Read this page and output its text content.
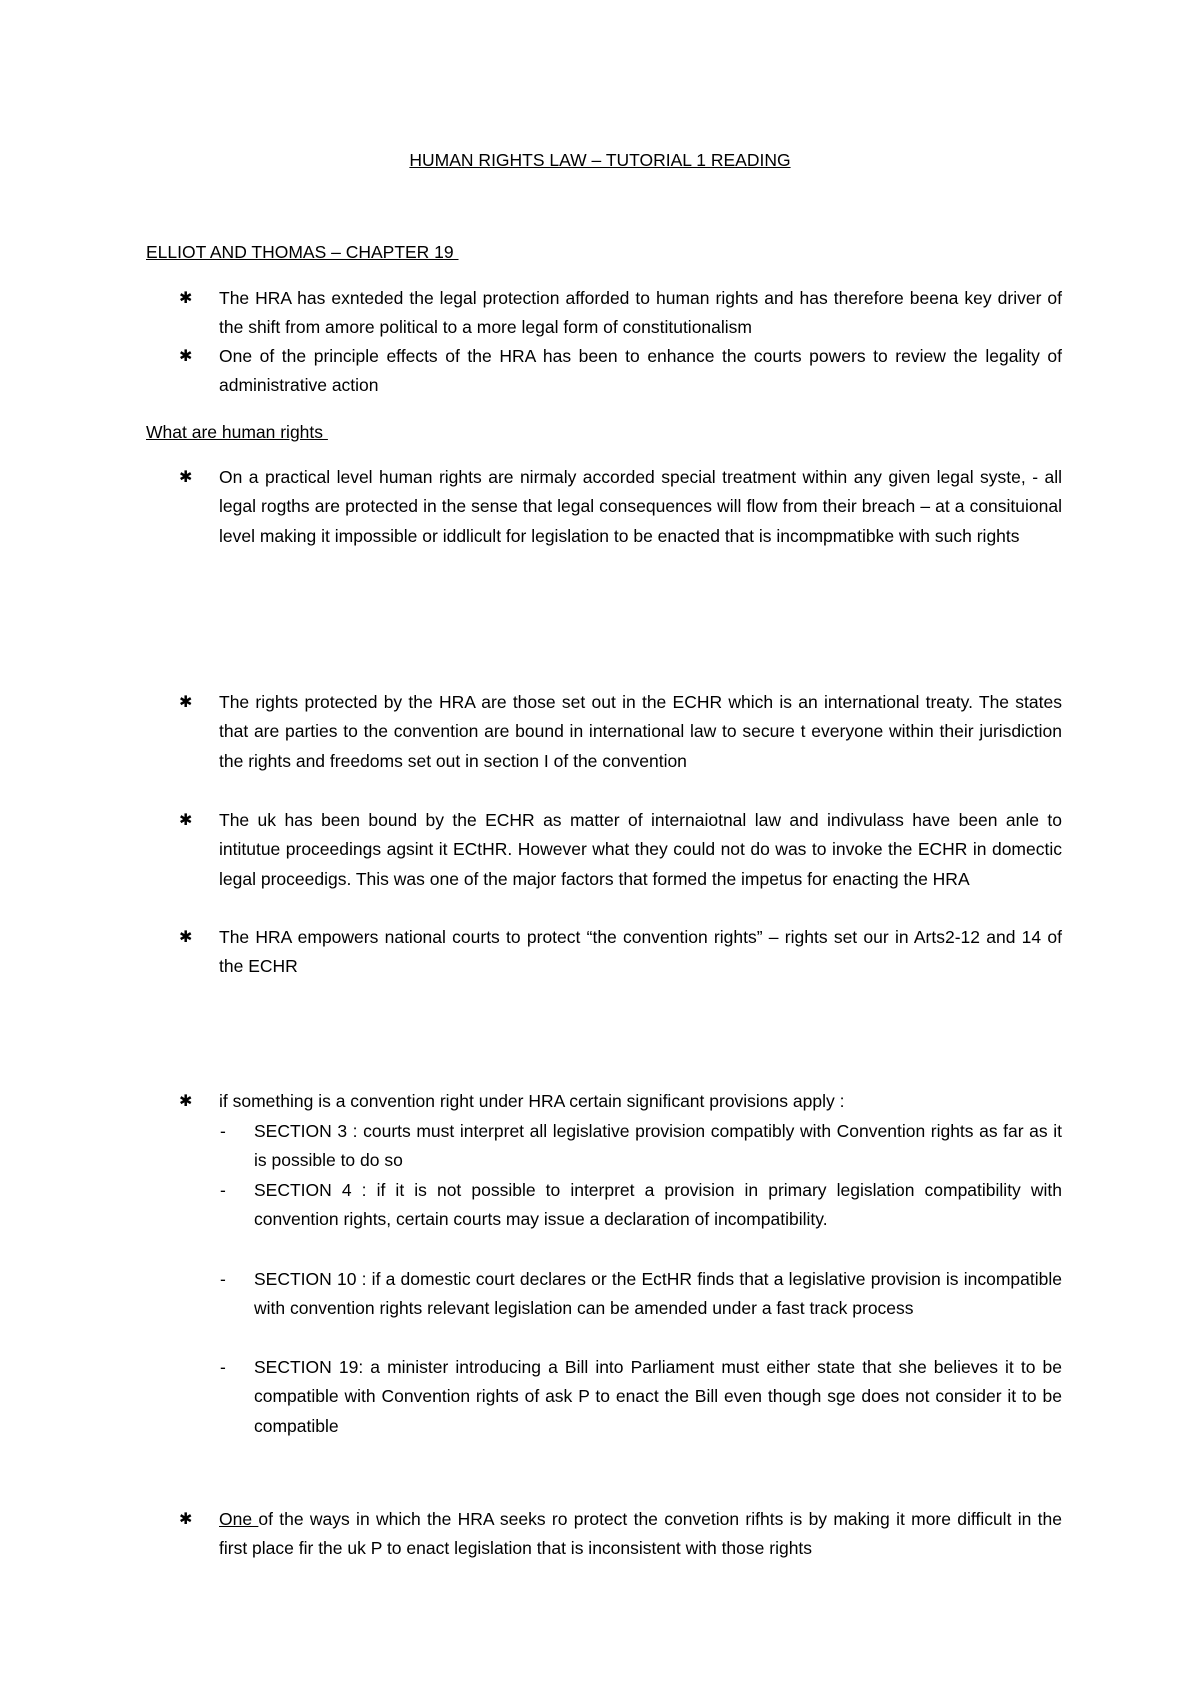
HUMAN RIGHTS LAW – TUTORIAL 1 READING
ELLIOT AND THOMAS – CHAPTER 19
✱ The HRA has exnteded the legal protection afforded to human rights and has therefore beena key driver of the shift from amore political to a more legal form of constitutionalism
✱ One of the principle effects of the HRA has been to enhance the courts powers to review the legality of administrative action
What are human rights
✱ On a practical level human rights are nirmaly accorded special treatment within any given legal syste, - all legal rogths are protected in the sense that legal consequences will flow from their breach – at a consituional level making it impossible or iddlicult for legislation to be enacted that is incompmatibke with such rights
✱ The rights protected by the HRA are those set out in the ECHR which is an international treaty. The states that are parties to the convention are bound in international law to secure t everyone within their jurisdiction the rights and freedoms set out in section I of the convention
✱ The uk has been bound by the ECHR as matter of internaiotnal law and indivulass have been anle to intitutue proceedings agsint it ECtHR. However what they could not do was to invoke the ECHR in domectic legal proceedigs. This was one of the major factors that formed the impetus for enacting the HRA
✱ The HRA empowers national courts to protect “the convention rights” – rights set our in Arts2-12 and 14 of the ECHR
✱ if something is a convention right under HRA certain significant provisions apply :
-	SECTION 3 : courts must interpret all legislative provision compatibly with Convention rights as far as it is possible to do so
-	SECTION 4 : if it is not possible to interpret a provision in primary legislation compatibility with convention rights, certain courts may issue a declaration of incompatibility.
-	SECTION 10 : if a domestic court declares or the EctHR finds that a legislative provision is incompatible with convention rights relevant legislation can be amended under a fast track process
-	SECTION 19: a minister introducing a Bill into Parliament must either state that she believes it to be compatible with Convention rights of ask P to enact the Bill even though sge does not consider it to be compatible
✱ One of the ways in which the HRA seeks ro protect the convetion rifhts is by making it more difficult in the first place fir the uk P to enact legislation that is inconsistent with those rights
